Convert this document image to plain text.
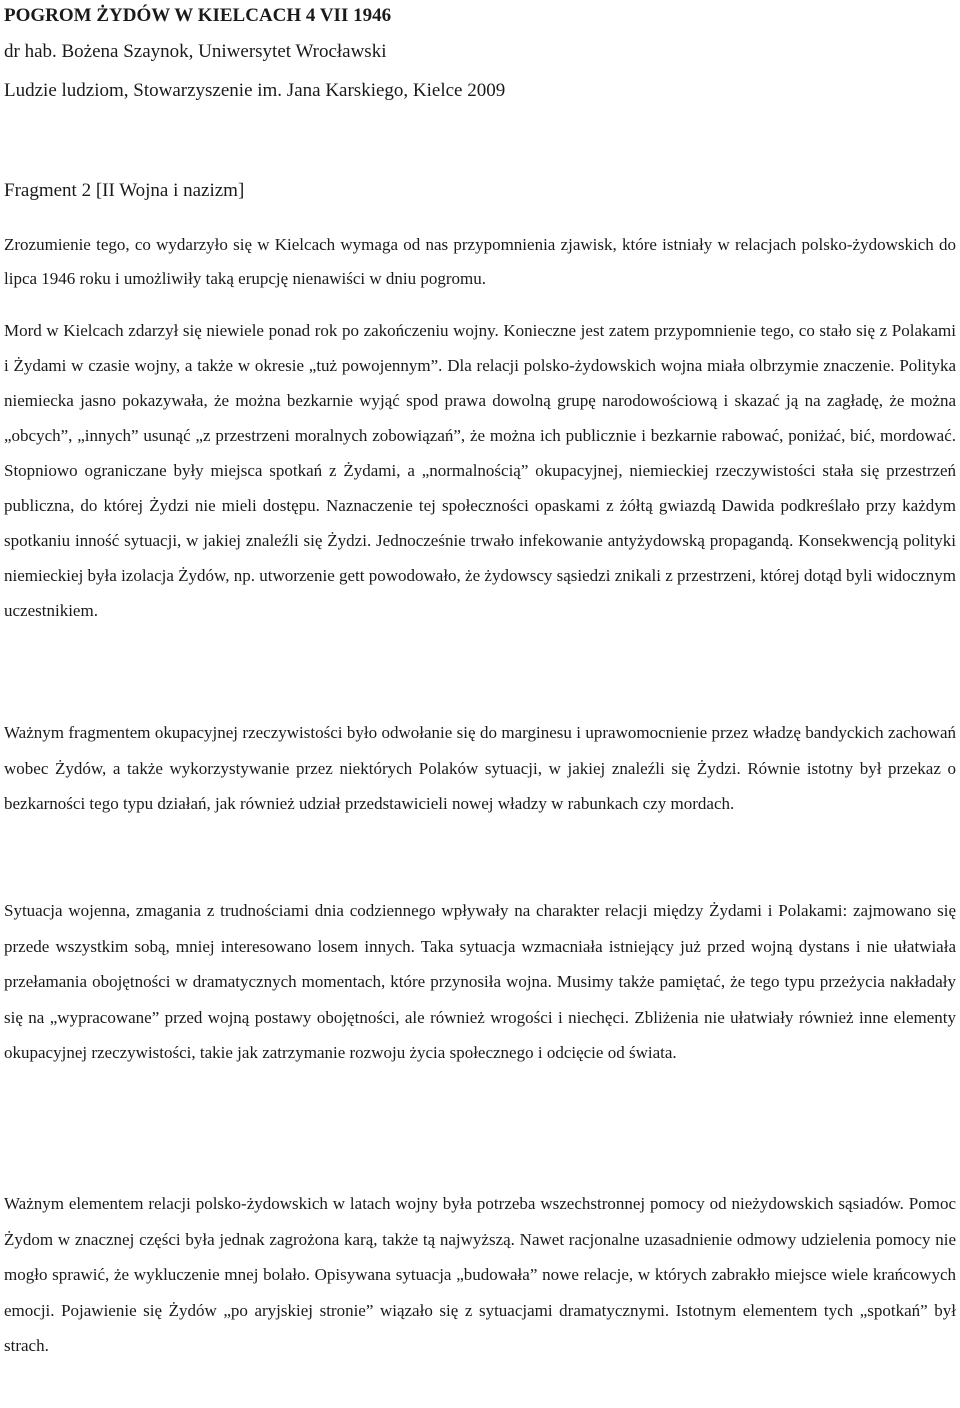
POGROM ŻYDÓW W KIELCACH 4 VII 1946
dr hab. Bożena Szaynok, Uniwersytet Wrocławski
Ludzie ludziom, Stowarzyszenie im. Jana Karskiego, Kielce 2009
Fragment 2 [II Wojna i nazizm]

Zrozumienie tego, co wydarzyło się w Kielcach wymaga od nas przypomnienia zjawisk, które istniały w relacjach polsko-żydowskich do lipca 1946 roku i umożliwiły taką erupcję nienawiści w dniu pogromu.

Mord w Kielcach zdarzył się niewiele ponad rok po zakończeniu wojny. Konieczne jest zatem przypomnienie tego, co stało się z Polakami i Żydami w czasie wojny, a także w okresie „tuż powojennym”. Dla relacji polsko-żydowskich wojna miała olbrzymie znaczenie. Polityka niemiecka jasno pokazywała, że można bezkarnie wyjąć spod prawa dowolną grupę narodowościową i skazać ją na zagładę, że można „obcych”, „innych” usunąć „z przestrzeni moralnych zobowiązań”, że można ich publicznie i bezkarnie rabować, poniżać, bić, mordować. Stopniowo ograniczane były miejsca spotkań z Żydami, a „normalnością” okupacyjnej, niemieckiej rzeczywistości stała się przestrzeń publiczna, do której Żydzi nie mieli dostępu. Naznaczenie tej społeczności opaskami z żółtą gwiazdą Dawida podkreślało przy każdym spotkaniu inność sytuacji, w jakiej znaleźli się Żydzi. Jednocześnie trwało infekowanie antyżydowską propagandą. Konsekwencją polityki niemieckiej była izolacja Żydów, np. utworzenie gett powodowało, że żydowscy sąsiedzi znikali z przestrzeni, której dotąd byli widocznym uczestnikiem.

Ważnym fragmentem okupacyjnej rzeczywistości było odwołanie się do marginesu i uprawomocnienie przez władzę bandyckich zachowań wobec Żydów, a także wykorzystywanie przez niektórych Polaków sytuacji, w jakiej znaleźli się Żydzi. Równie istotny był przekaz o bezkarności tego typu działań, jak również udział przedstawicieli nowej władzy w rabunkach czy mordach.

Sytuacja wojenna, zmagania z trudnościami dnia codziennego wpływały na charakter relacji między Żydami i Polakami: zajmowano się przede wszystkim sobą, mniej interesowano losem innych. Taka sytuacja wzmacniała istniejący już przed wojną dystans i nie ułatwiała przełamania obojętności w dramatycznych momentach, które przynosiła wojna. Musimy także pamiętać, że tego typu przeżycia nakładały się na „wypracowane” przed wojną postawy obojętności, ale również wrogości i niechęci. Zbliżenia nie ułatwiały również inne elementy okupacyjnej rzeczywistości, takie jak zatrzymanie rozwoju życia społecznego i odcięcie od świata.

Ważnym elementem relacji polsko-żydowskich w latach wojny była potrzeba wszechstronnej pomocy od nieżydowskich sąsiadów. Pomoc Żydom w znacznej części była jednak zagrożona karą, także tą najwyższą. Nawet racjonalne uzasadnienie odmowy udzielenia pomocy nie mogło sprawić, że wykluczenie mnej bolało. Opisywana sytuacja „budowała” nowe relacje, w których zabrakło miejsce wiele krańcowych emocji. Pojawienie się Żydów „po aryjskiej stronie” wiązało się z sytuacjami dramatycznymi. Istotnym elementem tych „spotkań” był strach.
